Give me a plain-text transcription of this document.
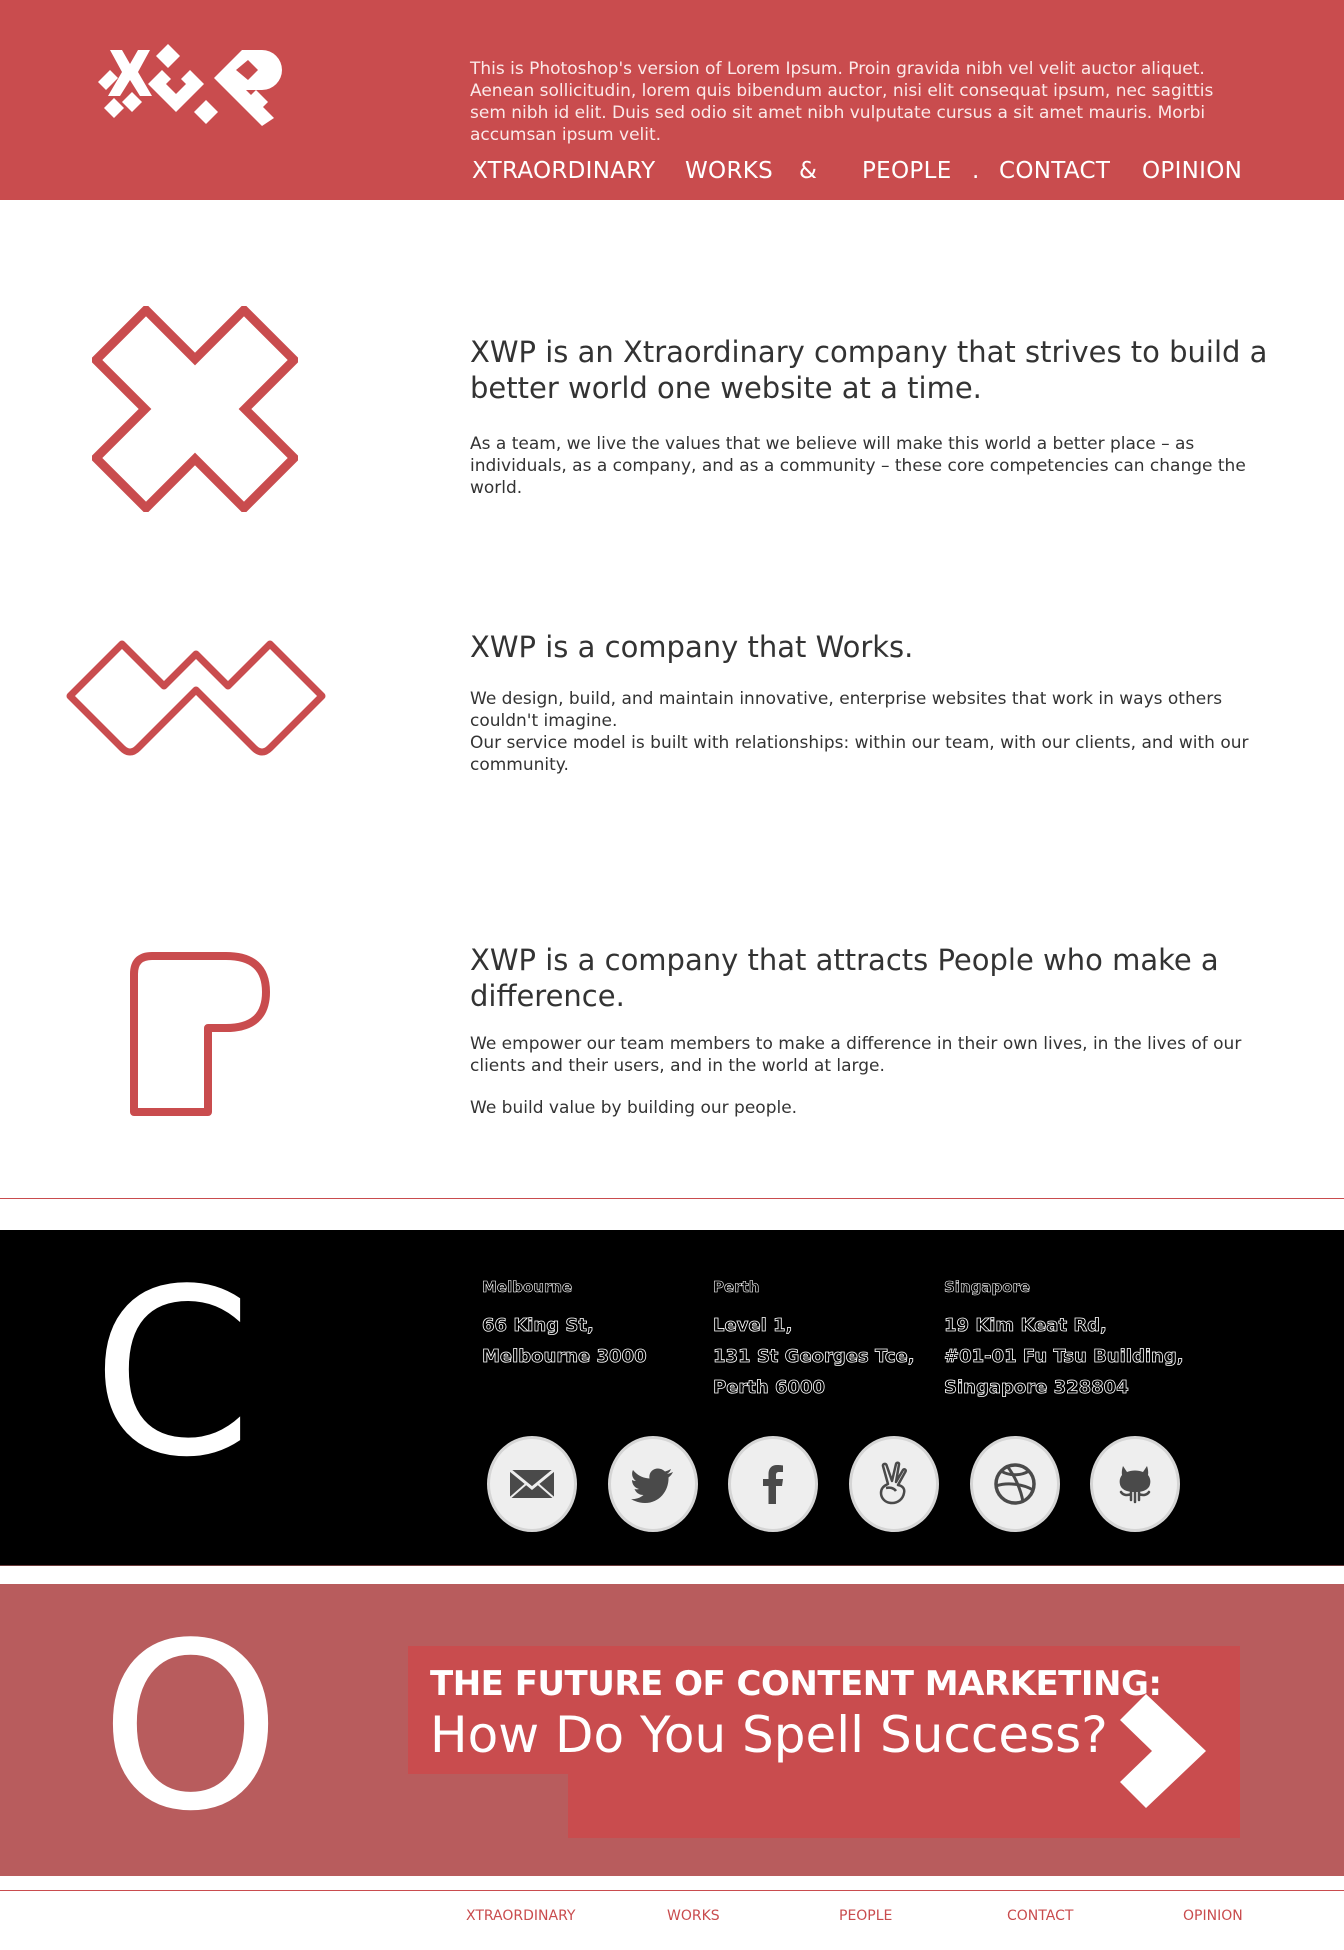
This is Photoshop's version of Lorem Ipsum. Proin gravida nibh vel velit auctor aliquet. Aenean sollicitudin, lorem quis bibendum auctor, nisi elit consequat ipsum, nec sagittis sem nibh id elit. Duis sed odio sit amet nibh vulputate cursus a sit amet mauris. Morbi accumsan ipsum velit.
XTRAORDINARY WORKS & PEOPLE . CONTACT OPINION
XWP is an Xtraordinary company that strives to build a better world one website at a time.

As a team, we live the values that we believe will make this world a better place – as individuals, as a company, and as a community – these core competencies can change the world.

XWP is a company that Works.

We design, build, and maintain innovative, enterprise websites that work in ways others couldn't imagine.

Our service model is built with relationships: within our team, with our clients, and with our community.

XWP is a company that attracts People who make a difference.

We empower our team members to make a difference in their own lives, in the lives of our clients and their users, and in the world at large.

We build value by building our people.

C	Melbourne
66 King St,
Melbourne 3000
Perth
Level 1,
131 St Georges Tce,
Perth 6000
Singapore
19 Kim Keat Rd,
#01-01 Fu Tsu Building,
Singapore 328804
O	THE FUTURE OF CONTENT MARKETING:
How Do You Spell Success?
XTRAORDINARY	WORKS	PEOPLE	CONTACT	OPINION
